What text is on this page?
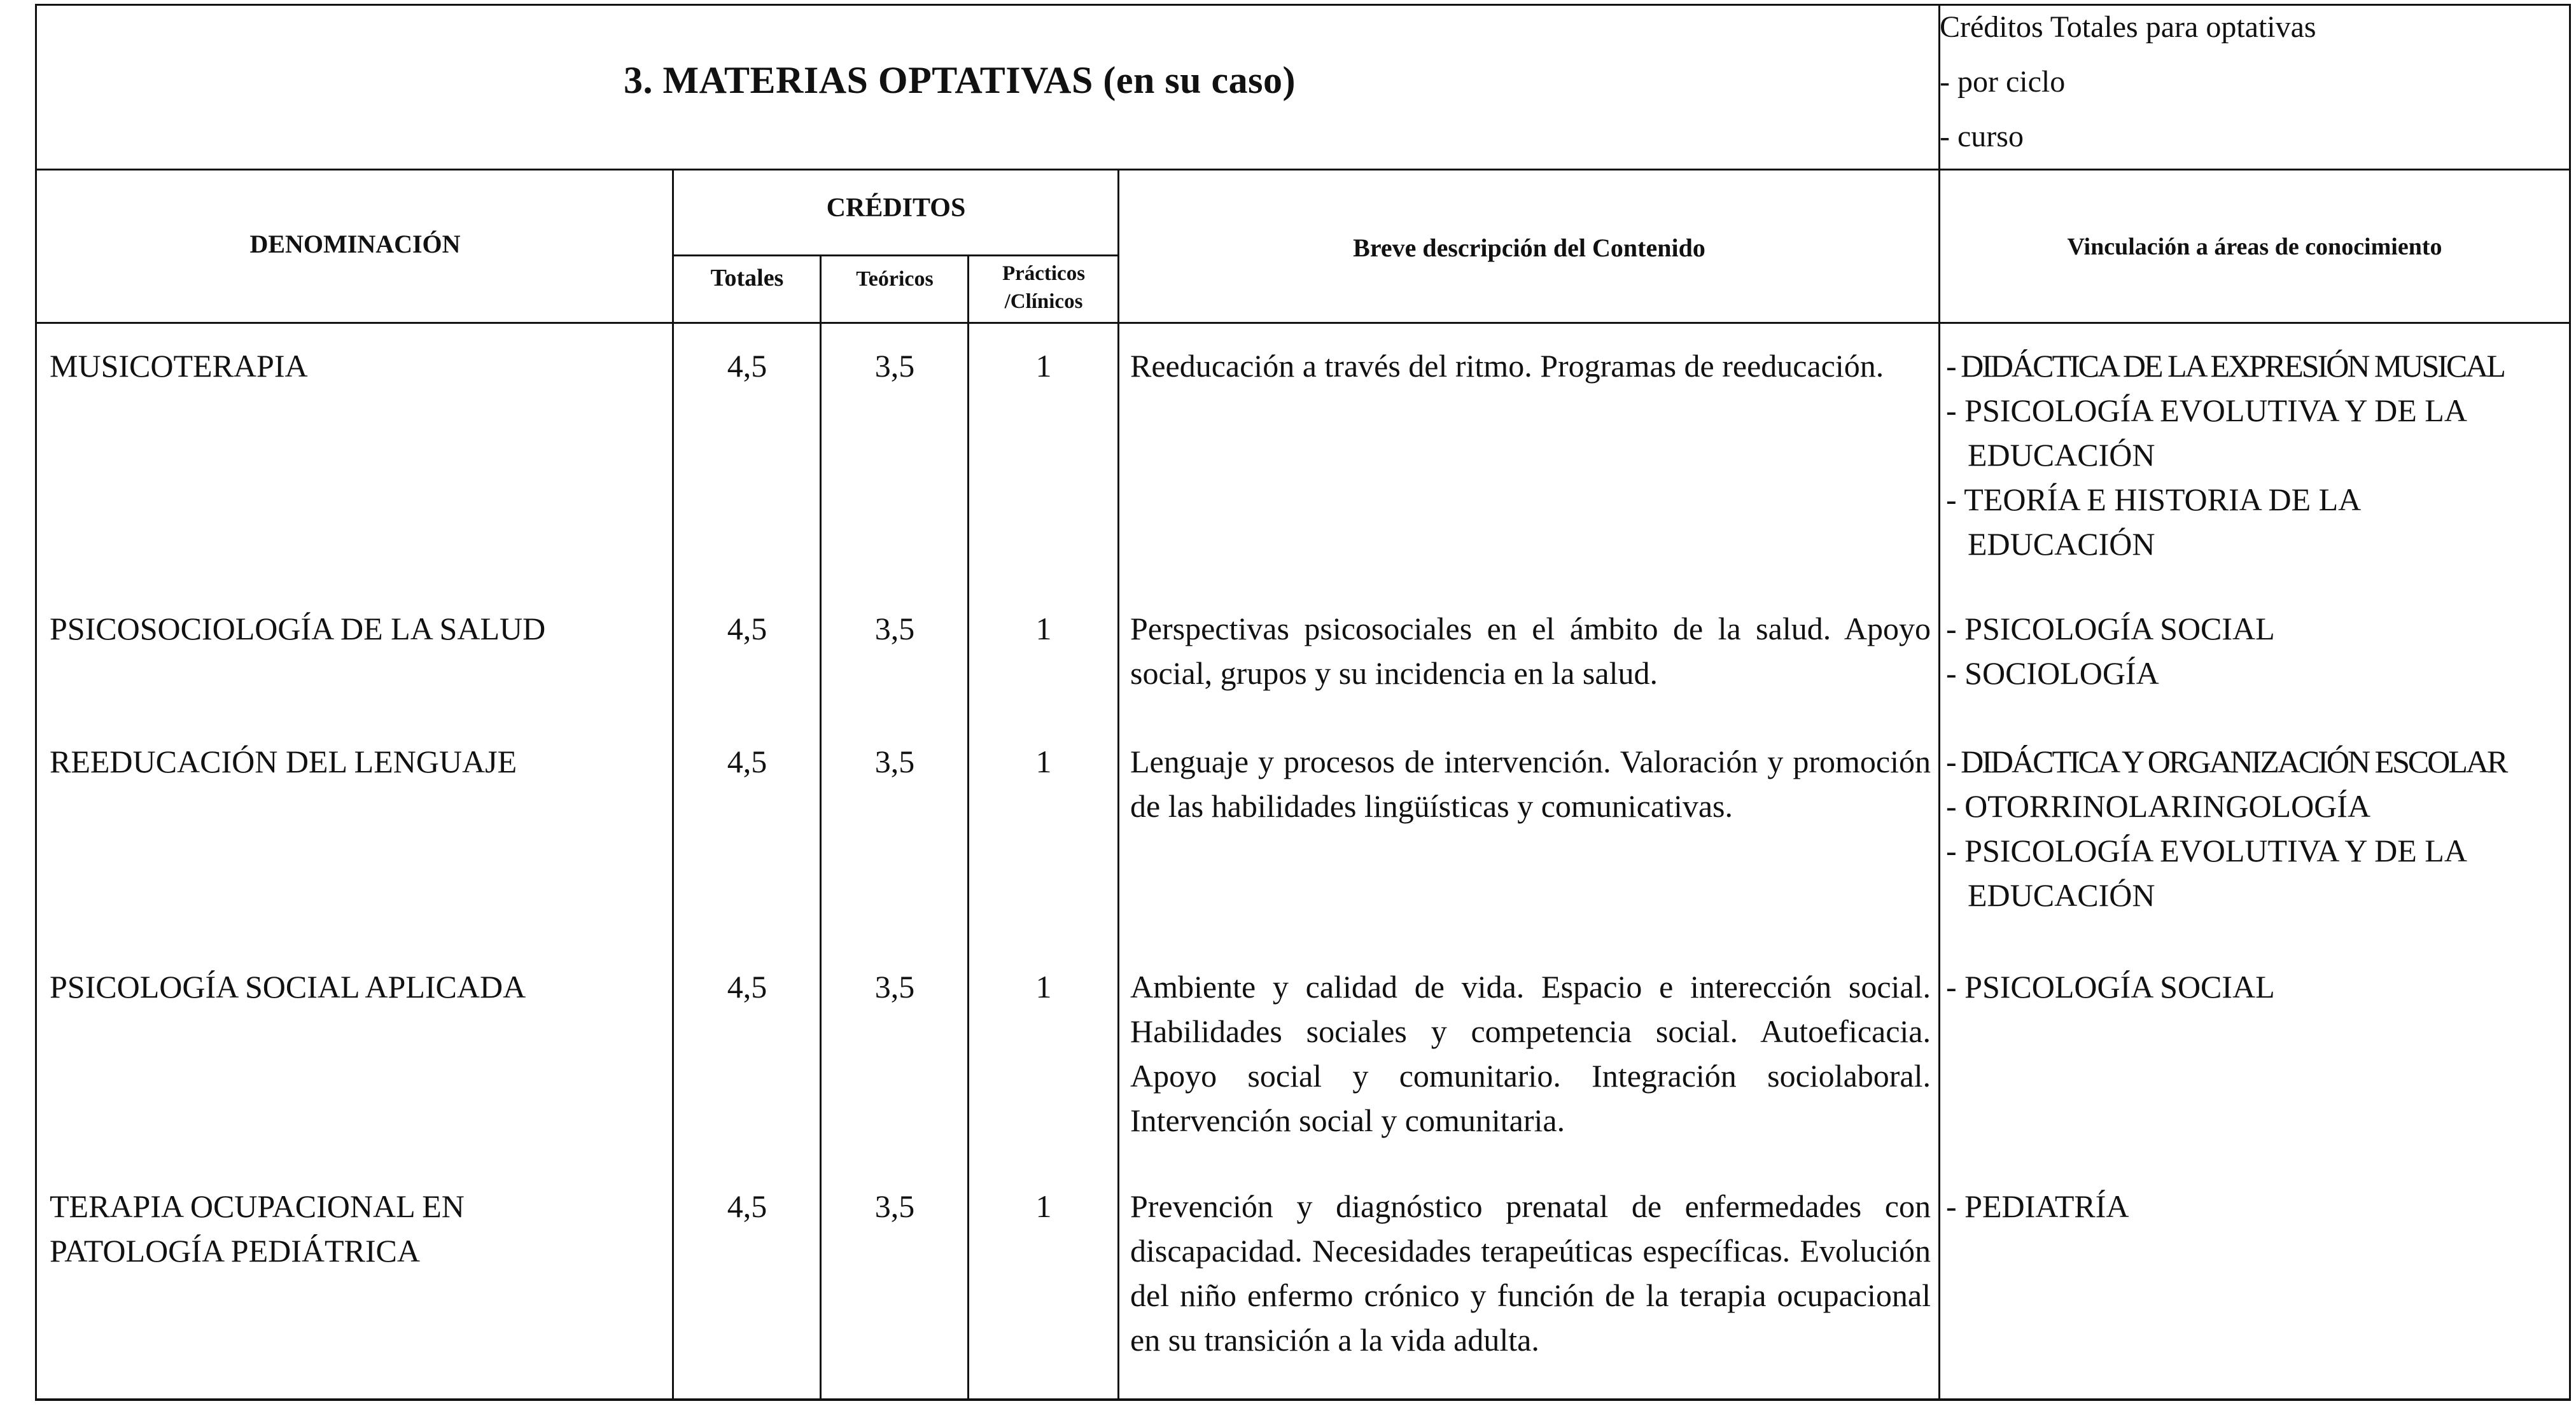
3. MATERIAS OPTATIVAS (en su caso)
Créditos Totales para optativas
- por ciclo
- curso
DENOMINACIÓN
CRÉDITOS
Totales	Teóricos	Prácticos
/Clínicos
Breve descripción del Contenido	Vinculación a áreas de conocimiento
MUSICOTERAPIA	4,5	3,5	1	Reeducación a través del ritmo. Programas de reeducación.	- DIDÁCTICA DE LA EXPRESIÓN MUSICAL
- PSICOLOGÍA EVOLUTIVA Y DE LA
EDUCACIÓN
- TEORÍA E HISTORIA DE LA
EDUCACIÓN
PSICOSOCIOLOGÍA DE LA SALUD	4,5	3,5	1	Perspectivas psicosociales en el ámbito de la salud. Apoyo social, grupos y su incidencia en la salud.
- PSICOLOGÍA SOCIAL
- SOCIOLOGÍA
REEDUCACIÓN DEL LENGUAJE	4,5	3,5	1	Lenguaje y procesos de intervención. Valoración y promoción de las habilidades lingüísticas y comunicativas.
- DIDÁCTICA Y ORGANIZACIÓN ESCOLAR
- OTORRINOLARINGOLOGÍA
- PSICOLOGÍA EVOLUTIVA Y DE LA
EDUCACIÓN
PSICOLOGÍA SOCIAL APLICADA	4,5	3,5	1	Ambiente y calidad de vida. Espacio e interección social. Habilidades sociales y competencia social. Autoeficacia. Apoyo social y comunitario. Integración sociolaboral. Intervención social y comunitaria.
- PSICOLOGÍA SOCIAL
TERAPIA OCUPACIONAL EN
PATOLOGÍA PEDIÁTRICA
4,5	3,5	1	Prevención y diagnóstico prenatal de enfermedades con discapacidad. Necesidades terapeúticas específicas. Evolución del niño enfermo crónico y función de la terapia ocupacional en su transición a la vida adulta.
- PEDIATRÍA
